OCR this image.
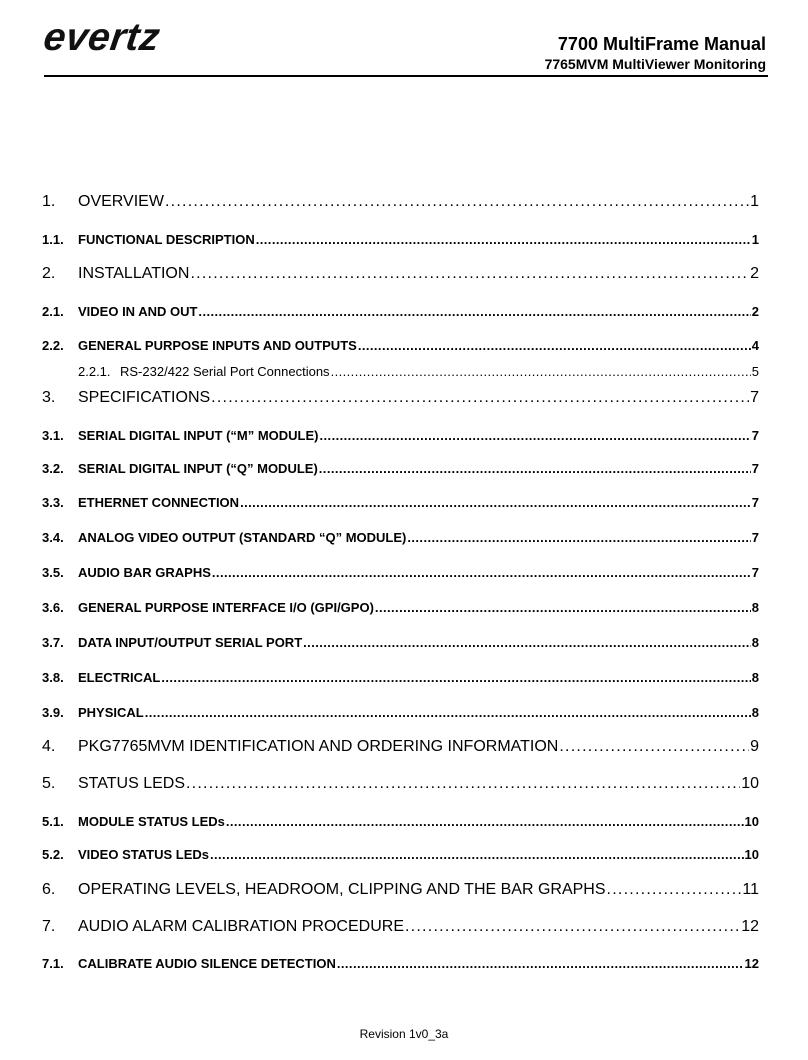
evertz	7700 MultiFrame Manual
7765MVM MultiViewer Monitoring
1.	OVERVIEW . . .	1
1.1.	FUNCTIONAL DESCRIPTION . . .	1
2.	INSTALLATION . . .	2
2.1.	VIDEO IN AND OUT . . .	2
2.2.	GENERAL PURPOSE INPUTS AND OUTPUTS . . .	4
2.2.1. RS-232/422 Serial Port Connections . . .	5
3.	SPECIFICATIONS . . .	7
3.1.	SERIAL DIGITAL INPUT (“M” MODULE) . . .	7
3.2.	SERIAL DIGITAL INPUT (“Q” MODULE) . . .	7
3.3.	ETHERNET CONNECTION . . .	7
3.4.	ANALOG VIDEO OUTPUT (STANDARD “Q” MODULE) . . .	7
3.5.	AUDIO BAR GRAPHS . . .	7
3.6.	GENERAL PURPOSE INTERFACE I/O (GPI/GPO) . . .	8
3.7.	DATA INPUT/OUTPUT SERIAL PORT . . .	8
3.8.	ELECTRICAL . . .	8
3.9.	PHYSICAL . . .	8
4.	PKG7765MVM IDENTIFICATION AND ORDERING INFORMATION . . .	9
5.	STATUS LEDS . . .	10
5.1.	MODULE STATUS LEDs . . .	10
5.2.	VIDEO STATUS LEDs . . .	10
6.	OPERATING LEVELS, HEADROOM, CLIPPING AND THE BAR GRAPHS . . .	11
7.	AUDIO ALARM CALIBRATION PROCEDURE . . .	12
7.1.	CALIBRATE AUDIO SILENCE DETECTION . . .	12
Revision 1v0_3a
